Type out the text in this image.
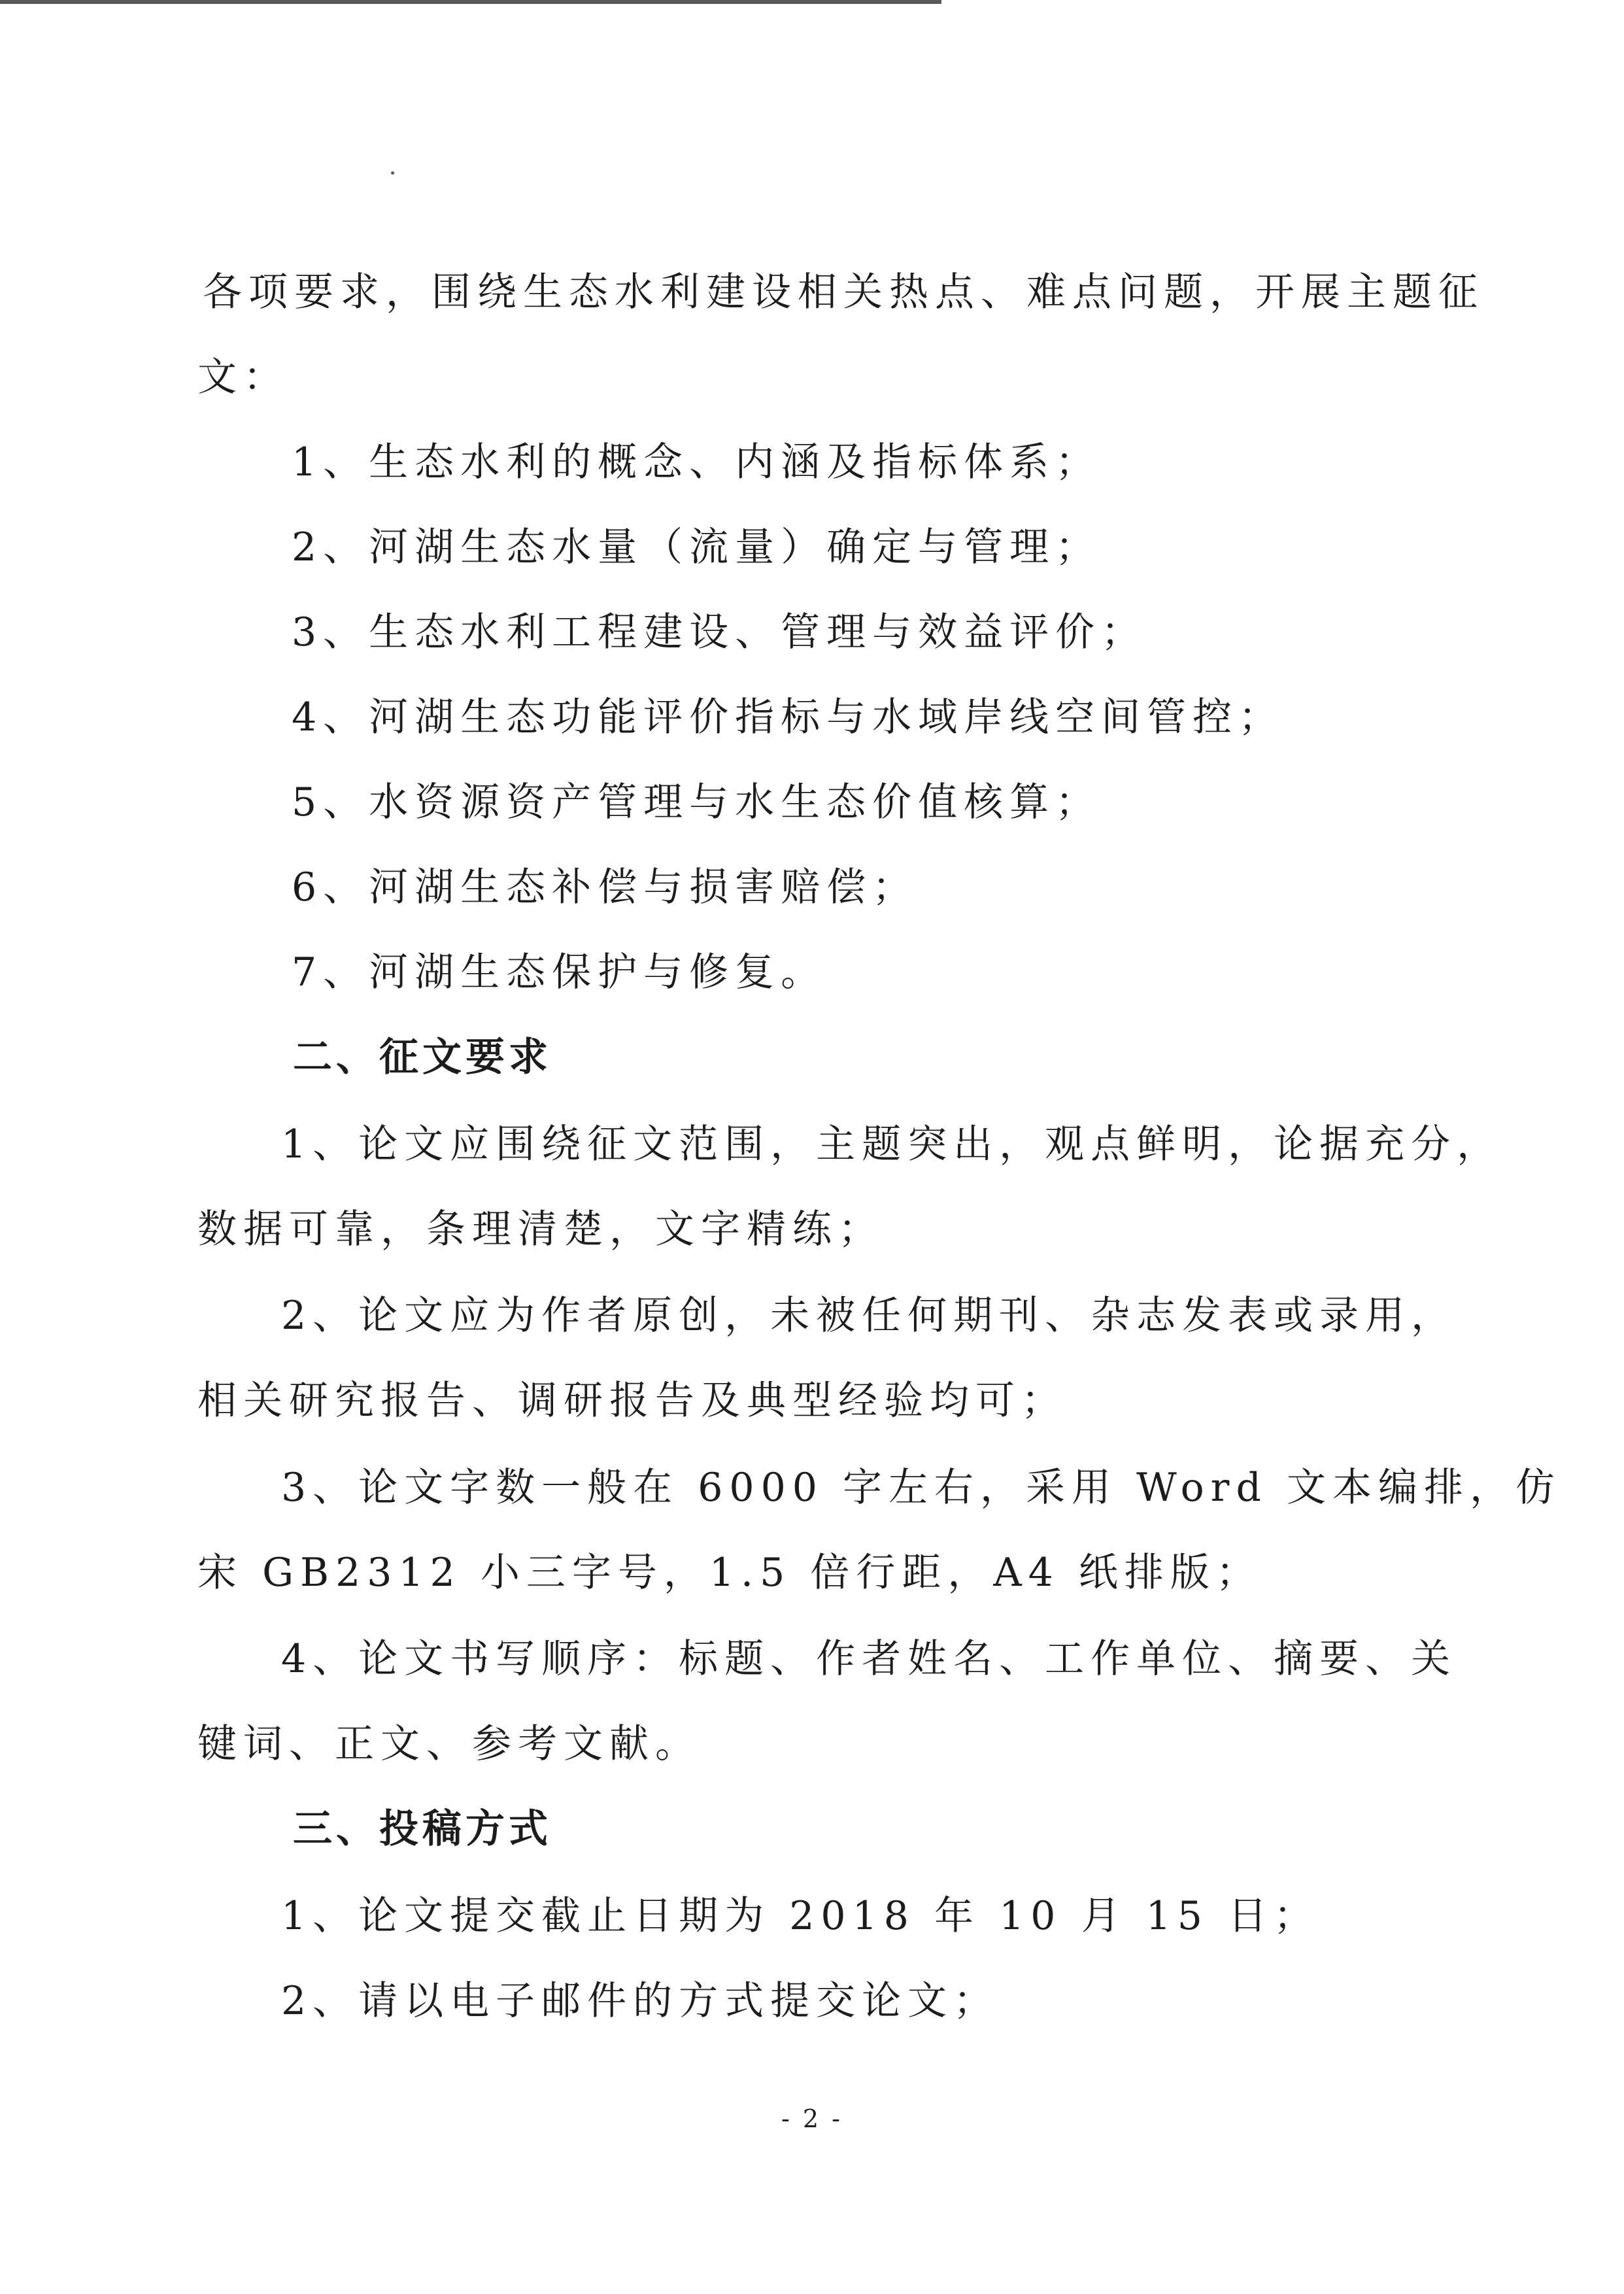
各项要求，围绕生态水利建设相关热点、难点问题，开展主题征
文：
1、生态水利的概念、内涵及指标体系；
2、河湖生态水量（流量）确定与管理；
3、生态水利工程建设、管理与效益评价；
4、河湖生态功能评价指标与水域岸线空间管控；
5、水资源资产管理与水生态价值核算；
6、河湖生态补偿与损害赔偿；
7、河湖生态保护与修复。
二、征文要求
1、论文应围绕征文范围，主题突出，观点鲜明，论据充分，
数据可靠，条理清楚，文字精练；
2、论文应为作者原创，未被任何期刊、杂志发表或录用，
相关研究报告、调研报告及典型经验均可；
3、论文字数一般在 6000 字左右，采用 Word 文本编排，仿
宋 GB2312 小三字号，1.5 倍行距，A4 纸排版；
4、论文书写顺序：标题、作者姓名、工作单位、摘要、关
键词、正文、参考文献。
三、投稿方式
1、论文提交截止日期为 2018 年 10 月 15 日；
2、请以电子邮件的方式提交论文；
- 2 -
